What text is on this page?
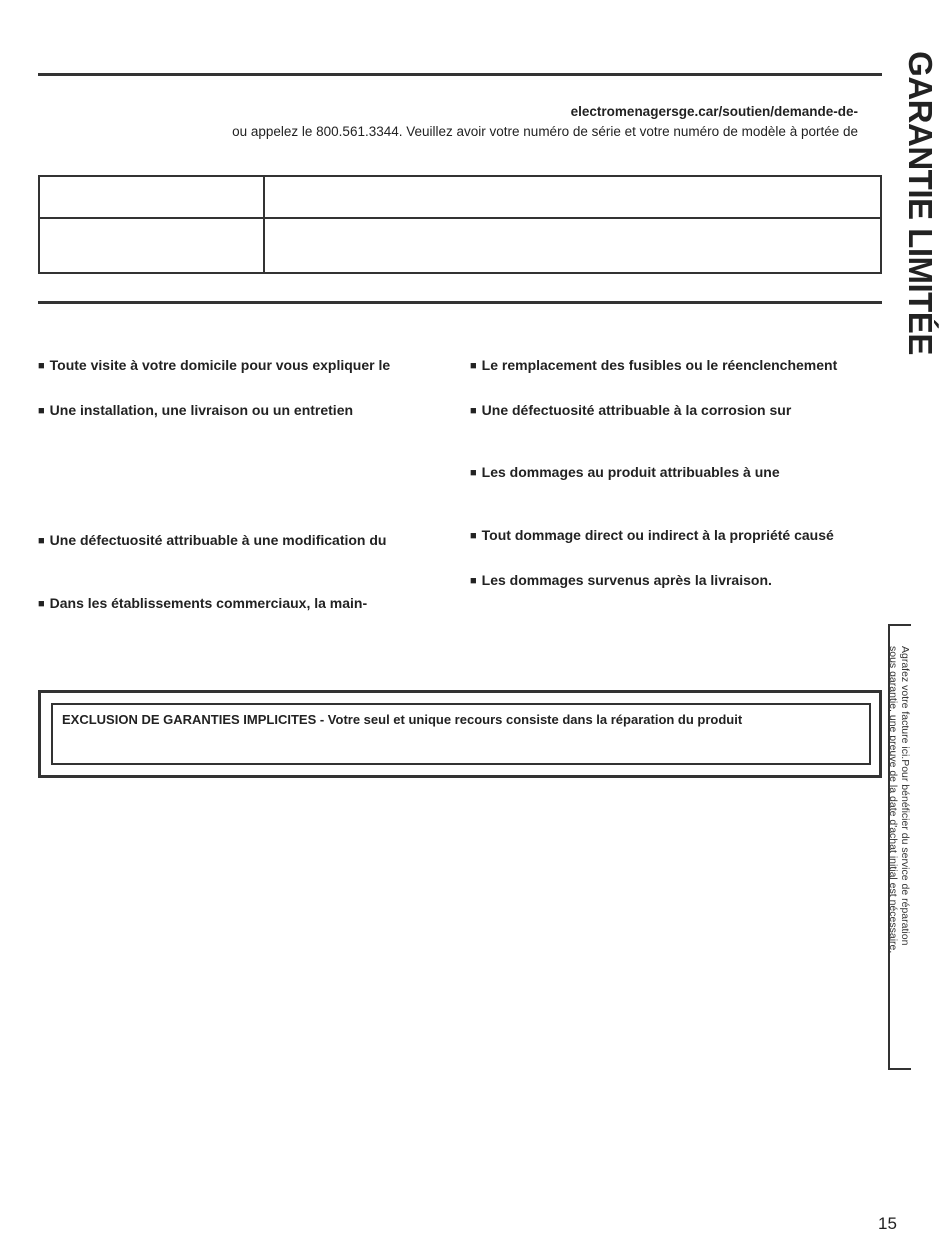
electromenagersge.car/soutien/demande-de-
ou appelez le 800.561.3344. Veuillez avoir votre numéro de série et votre numéro de modèle à portée de
■ Toute visite à votre domicile pour vous expliquer le
■ Une installation, une livraison ou un entretien
■ Une défectuosité attribuable à une modification du
■ Dans les établissements commerciaux, la main-
■ Le remplacement des fusibles ou le réenclenchement
■ Une défectuosité attribuable à la corrosion sur
■ Les dommages au produit attribuables à une
■ Tout dommage direct ou indirect à la propriété causé
■ Les dommages survenus après la livraison.
EXCLUSION DE GARANTIES IMPLICITES - Votre seul et unique recours consiste dans la réparation du produit
GARANTIE LIMITÉE
Agrafez votre facture ici.Pour bénéficier du service de réparation
sous garantie, une preuve de la date d'achat initial est nécessaire.
15
